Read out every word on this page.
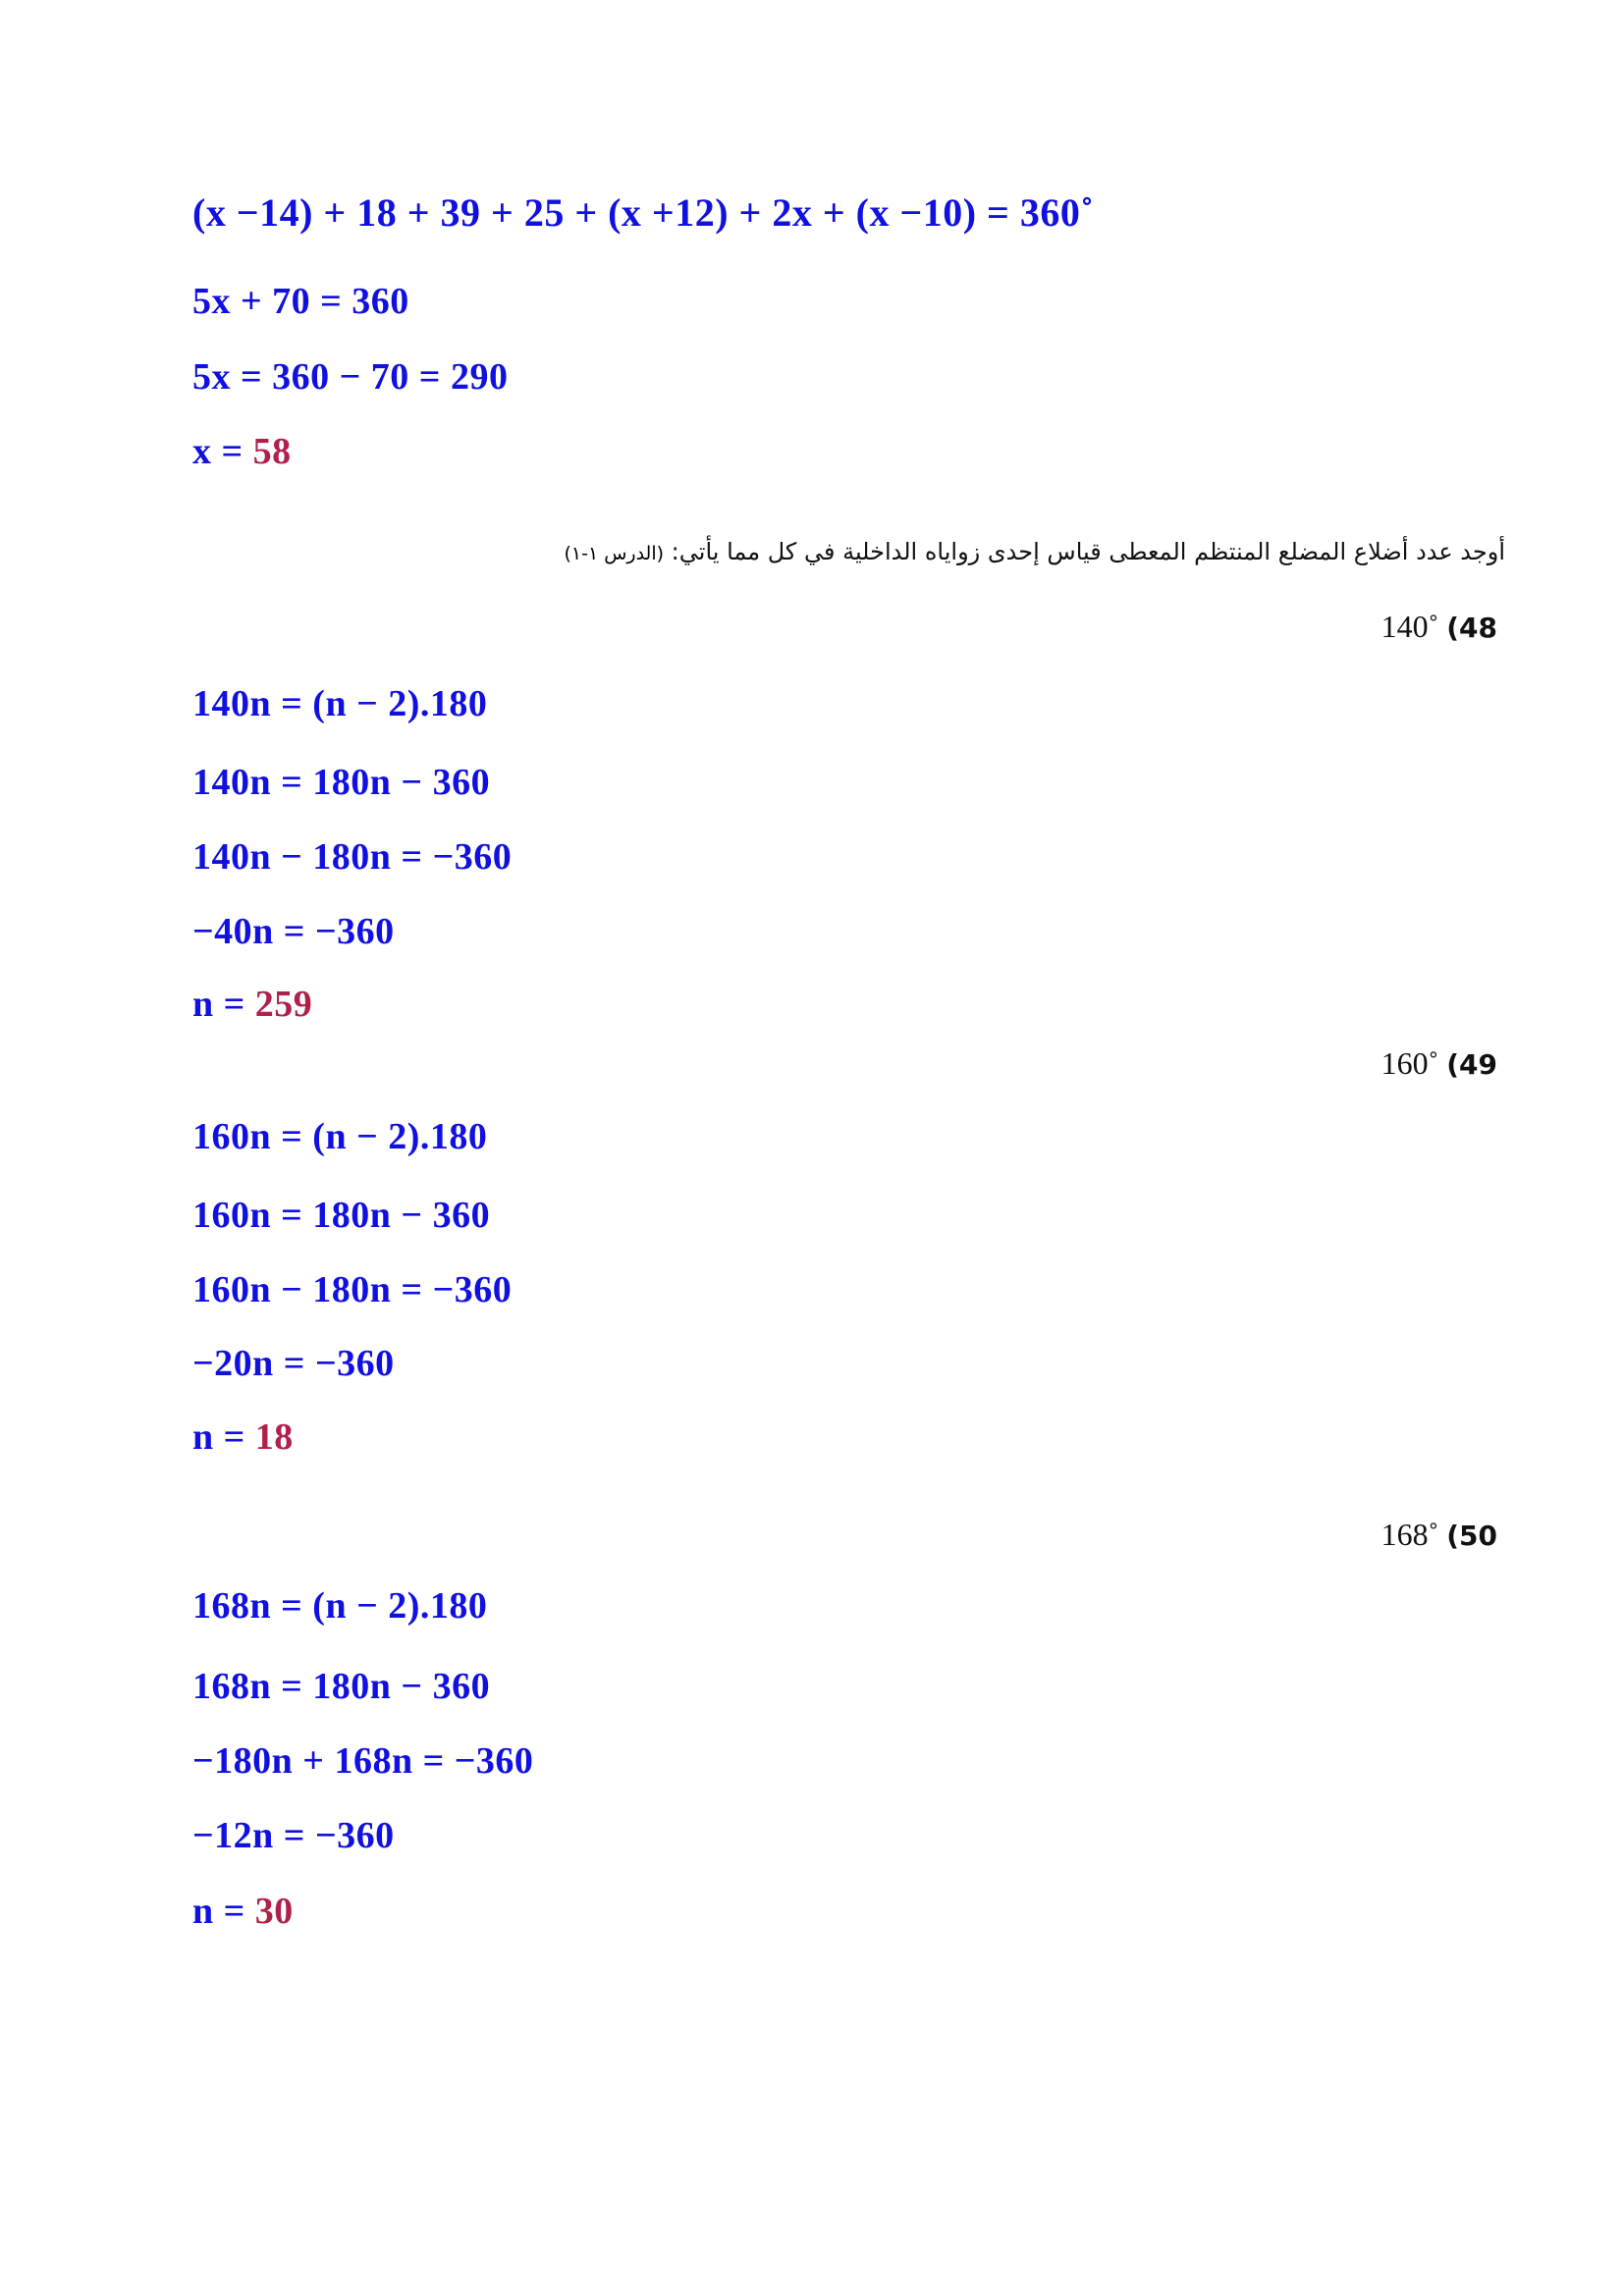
(x −14) + 18 + 39 + 25 + (x +12) + 2x + (x −10) = 360˚
5x + 70 = 360
5x = 360 − 70 = 290
x = 58
أوجد عدد أضلاع المضلع المنتظم المعطى قياس إحدى زواياه الداخلية في كل مما يأتي: (الدرس ١-١)
140˚ (48
140n = (n − 2).180
140n = 180n − 360
140n − 180n = −360
−40n = −360
n = 259
160˚ (49
160n = (n − 2).180
160n = 180n − 360
160n − 180n = −360
−20n = −360
n = 18
168˚ (50
168n = (n − 2).180
168n = 180n − 360
−180n + 168n = −360
−12n = −360
n = 30
